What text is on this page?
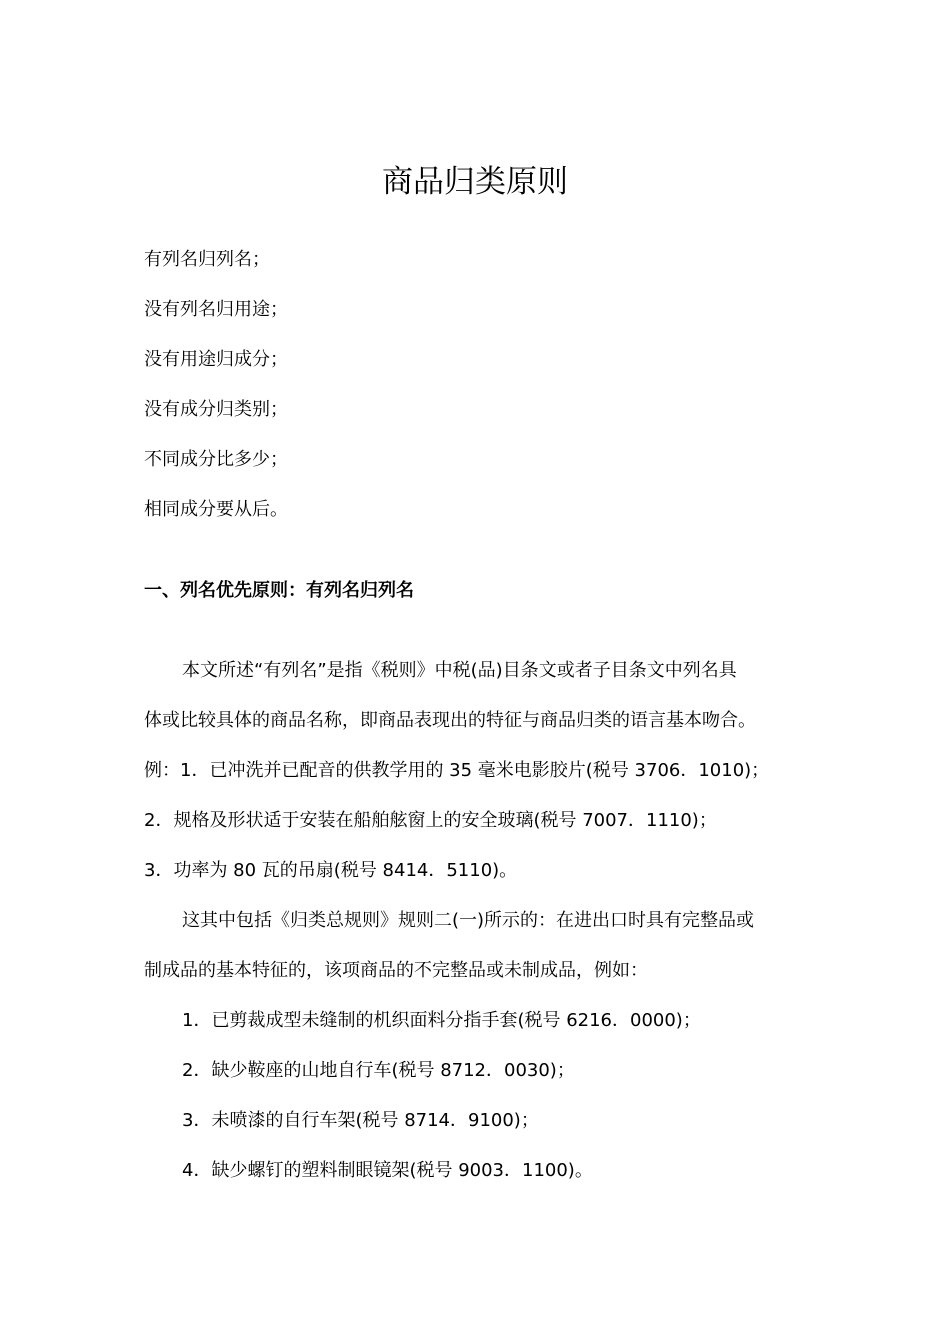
商品归类原则

有列名归列名；

没有列名归用途；

没有用途归成分；

没有成分归类别；

不同成分比多少；

相同成分要从后。

一、列名优先原则：有列名归列名

本文所述“有列名”是指《税则》中税(品)目条文或者子目条文中列名具

体或比较具体的商品名称，即商品表现出的特征与商品归类的语言基本吻合。

例：1．已冲洗并已配音的供教学用的 35 毫米电影胶片(税号 3706．1010)；

2．规格及形状适于安装在船舶舷窗上的安全玻璃(税号 7007．1110)；

3．功率为 80 瓦的吊扇(税号 8414．5110)。

这其中包括《归类总规则》规则二(一)所示的：在进出口时具有完整品或

制成品的基本特征的，该项商品的不完整品或未制成品，例如：

1．已剪裁成型未缝制的机织面料分指手套(税号 6216．0000)；

2．缺少鞍座的山地自行车(税号 8712．0030)；

3．未喷漆的自行车架(税号 8714．9100)；

4．缺少螺钉的塑料制眼镜架(税号 9003．1100)。
